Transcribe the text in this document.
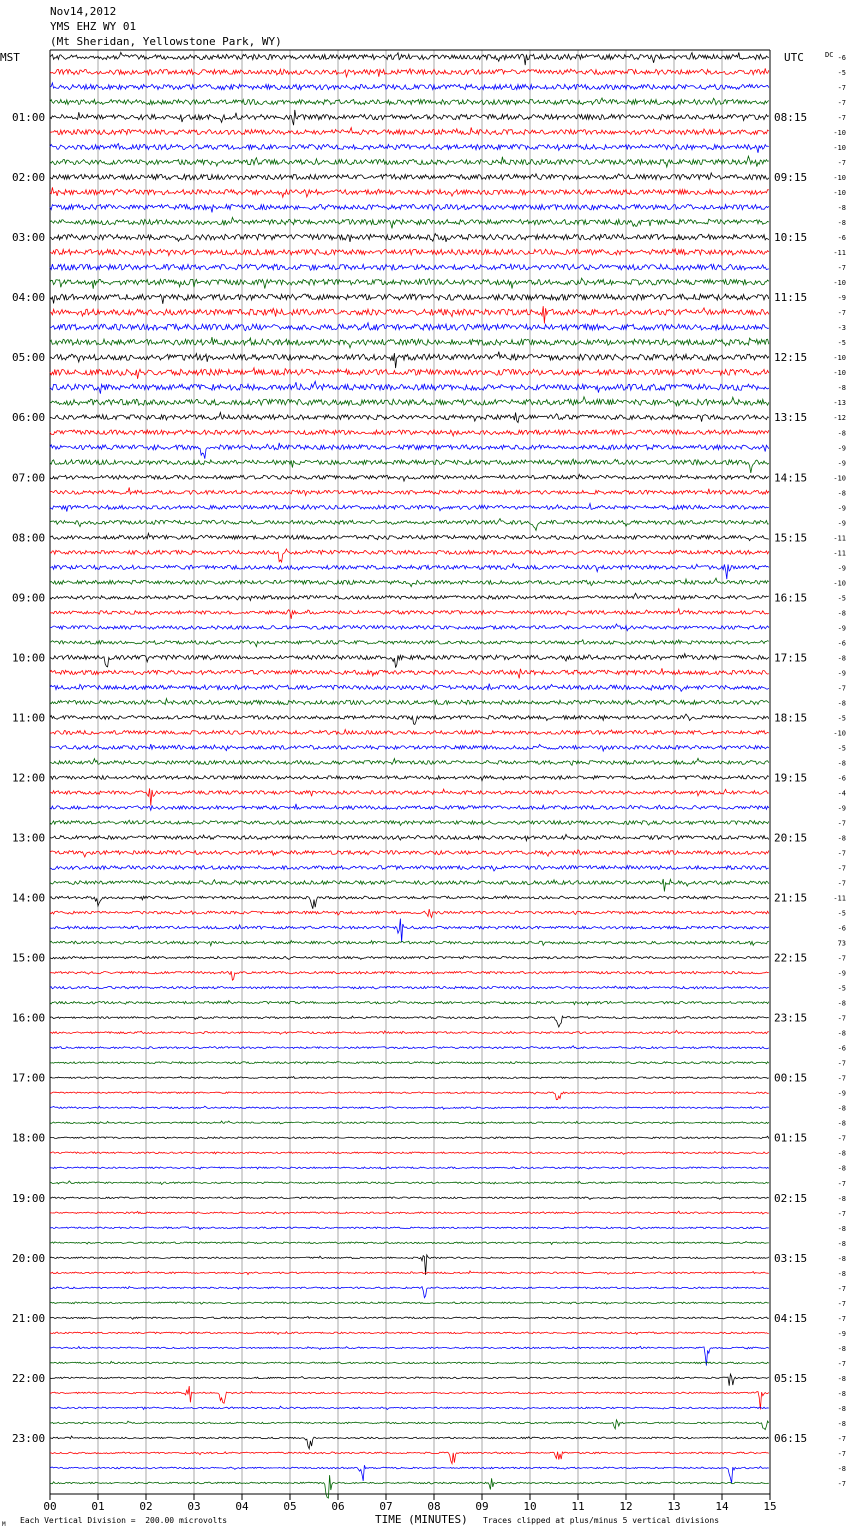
01:00
02:00
03:00
04:00
05:00
06:00
07:00
08:00
09:00
10:00
11:00
12:00
13:00
14:00
15:00
16:00
17:00
18:00
19:00
20:00
21:00
22:00
23:00
08:15
09:15
10:15
11:15
12:15
13:15
14:15
15:15
16:15
17:15
18:15
19:15
20:15
21:15
22:15
23:15
00:15
01:15
02:15
03:15
04:15
05:15
06:15
-6
-5
-7
-7
-7
-10
-10
-7
-10
-10
-8
-8
-6
-11
-7
-10
-9
-7
-3
-5
-10
-10
-8
-13
-12
-8
-9
-9
-10
-8
-9
-9
-11
-11
-9
-10
-5
-8
-9
-6
-8
-9
-7
-8
-5
-10
-5
-8
-6
-4
-9
-7
-8
-7
-7
-7
-11
-5
-6
73
-7
-9
-5
-8
-7
-8
-6
-7
-7
-9
-8
-8
-7
-8
-8
-7
-8
-7
-8
-8
-8
-8
-7
-7
-7
-9
-8
-7
-8
-8
-8
-8
-7
-7
-8
-7
00	01	02	03	04	05	06	07	08	09	10	11	12	13	14	15
MST	UTC	DC
TIME (MINUTES)
Each Vertical Division =  200.00 microvolts	Traces clipped at plus/minus 5 vertical divisions
M
Nov14,2012
YMS EHZ WY 01
(Mt Sheridan, Yellowstone Park, WY)
